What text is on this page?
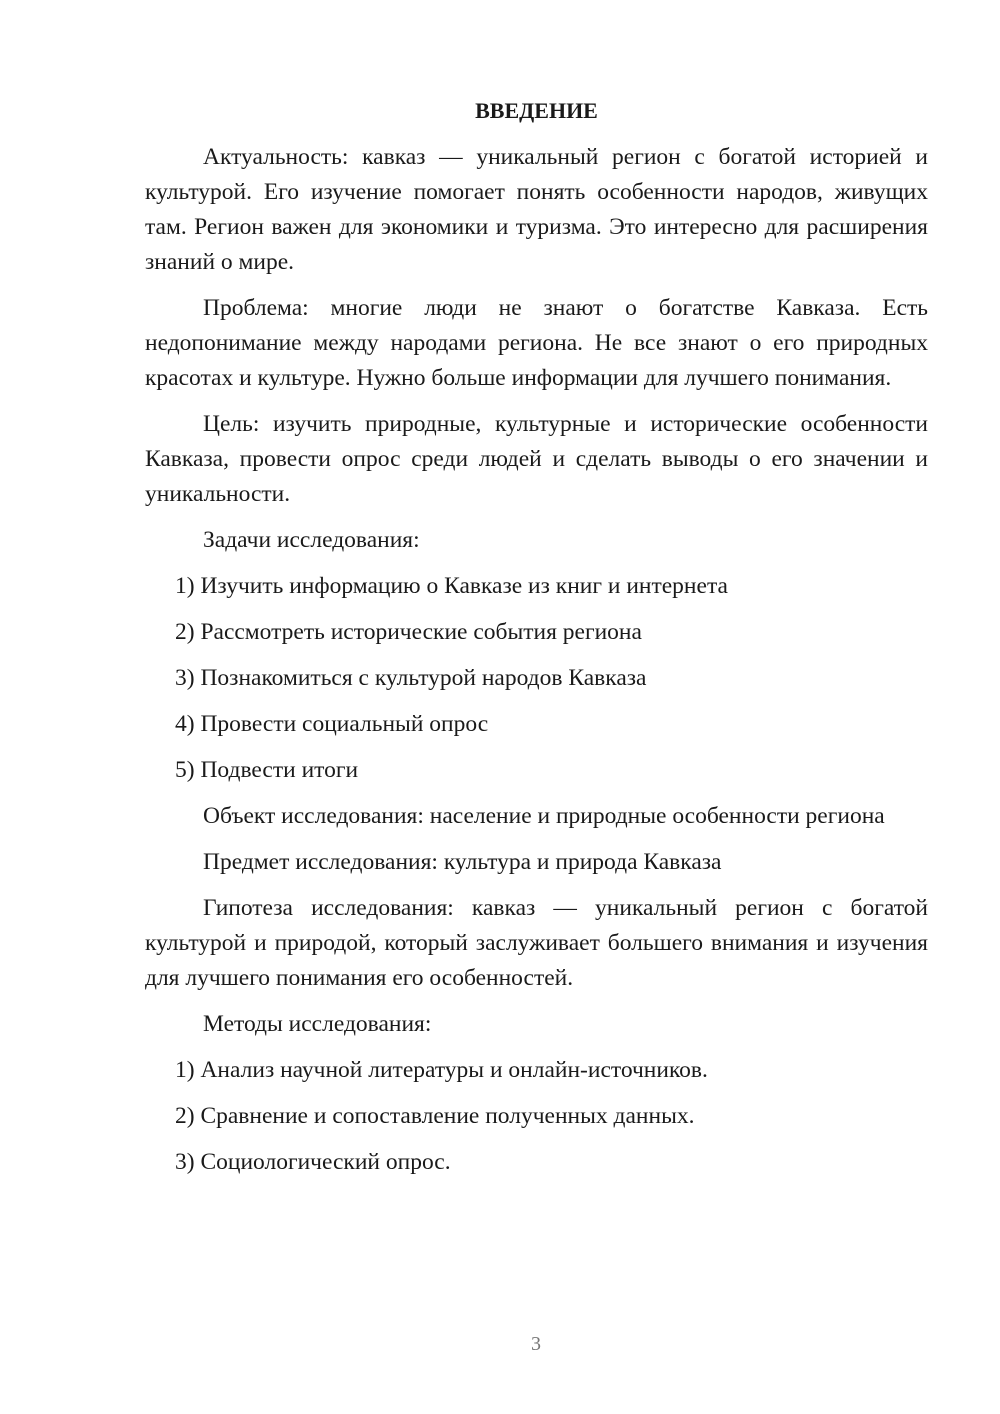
ВВЕДЕНИЕ

Актуальность: кавказ — уникальный регион с богатой историей и культурой. Его изучение помогает понять особенности народов, живущих там. Регион важен для экономики и туризма. Это интересно для расширения знаний о мире.

Проблема: многие люди не знают о богатстве Кавказа. Есть недопонимание между народами региона. Не все знают о его природных красотах и культуре. Нужно больше информации для лучшего понимания.

Цель: изучить природные, культурные и исторические особенности Кавказа, провести опрос среди людей и сделать выводы о его значении и уникальности.

Задачи исследования:
1) Изучить информацию о Кавказе из книг и интернета
2) Рассмотреть исторические события региона
3) Познакомиться с культурой народов Кавказа
4) Провести социальный опрос
5) Подвести итоги
Объект исследования: население и природные особенности региона
Предмет исследования: культура и природа Кавказа

Гипотеза исследования: кавказ — уникальный регион с богатой культурой и природой, который заслуживает большего внимания и изучения для лучшего понимания его особенностей.

Методы исследования:
1) Анализ научной литературы и онлайн-источников.
2) Сравнение и сопоставление полученных данных.
3) Социологический опрос.
3
